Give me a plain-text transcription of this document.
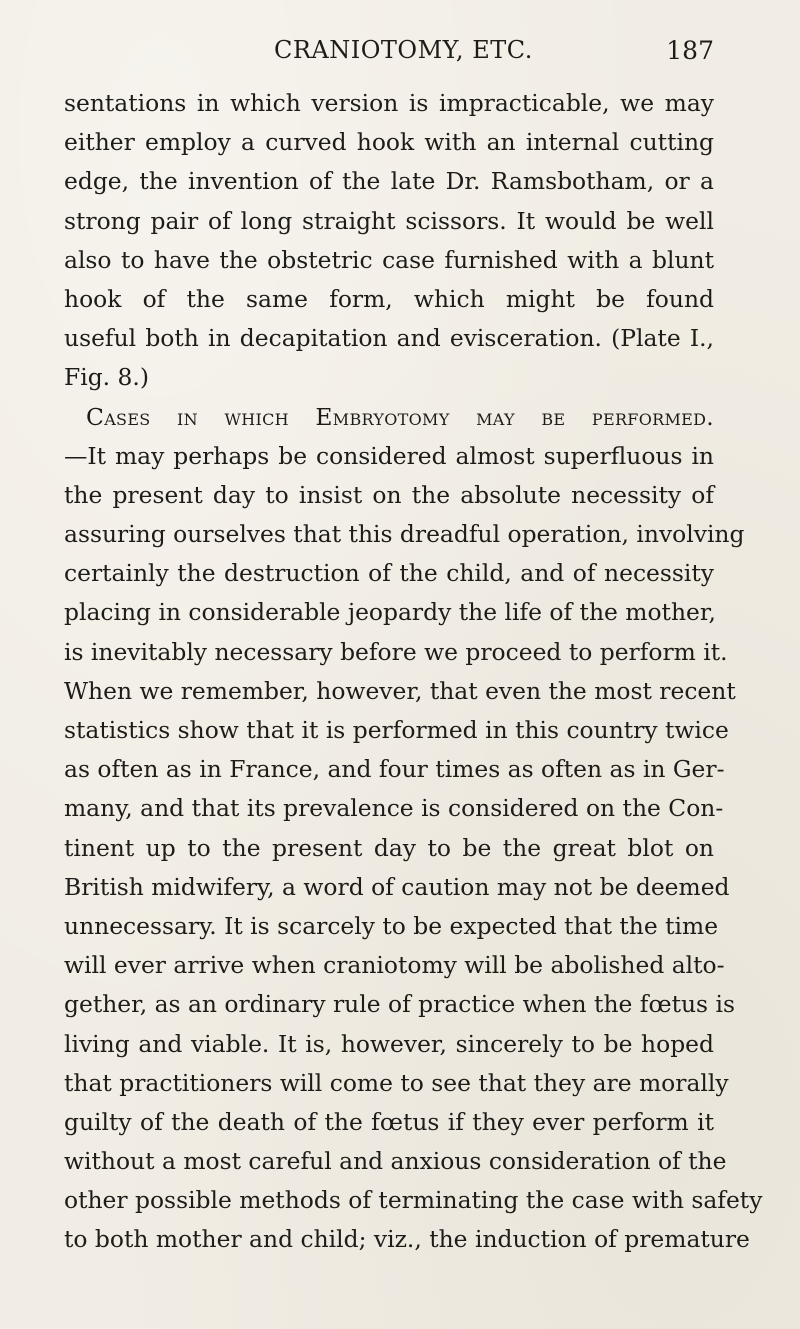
CRANIOTOMY, ETC.	187
sentations in which version is impracticable, we may
either employ a curved hook with an internal cutting
edge, the invention of the late Dr. Ramsbotham, or a
strong pair of long straight scissors. It would be well
also to have the obstetric case furnished with a blunt
hook of the same form, which might be found
useful both in decapitation and evisceration. (Plate I.,
Fig. 8.)
Cases in which Embryotomy may be performed.
—It may perhaps be considered almost superfluous in
the present day to insist on the absolute necessity of
assuring ourselves that this dreadful operation, involving
certainly the destruction of the child, and of necessity
placing in considerable jeopardy the life of the mother,
is inevitably necessary before we proceed to perform it.
When we remember, however, that even the most recent
statistics show that it is performed in this country twice
as often as in France, and four times as often as in Ger-
many, and that its prevalence is considered on the Con-
tinent up to the present day to be the great blot on
British midwifery, a word of caution may not be deemed
unnecessary. It is scarcely to be expected that the time
will ever arrive when craniotomy will be abolished alto-
gether, as an ordinary rule of practice when the fœtus is
living and viable. It is, however, sincerely to be hoped
that practitioners will come to see that they are morally
guilty of the death of the fœtus if they ever perform it
without a most careful and anxious consideration of the
other possible methods of terminating the case with safety
to both mother and child; viz., the induction of premature
